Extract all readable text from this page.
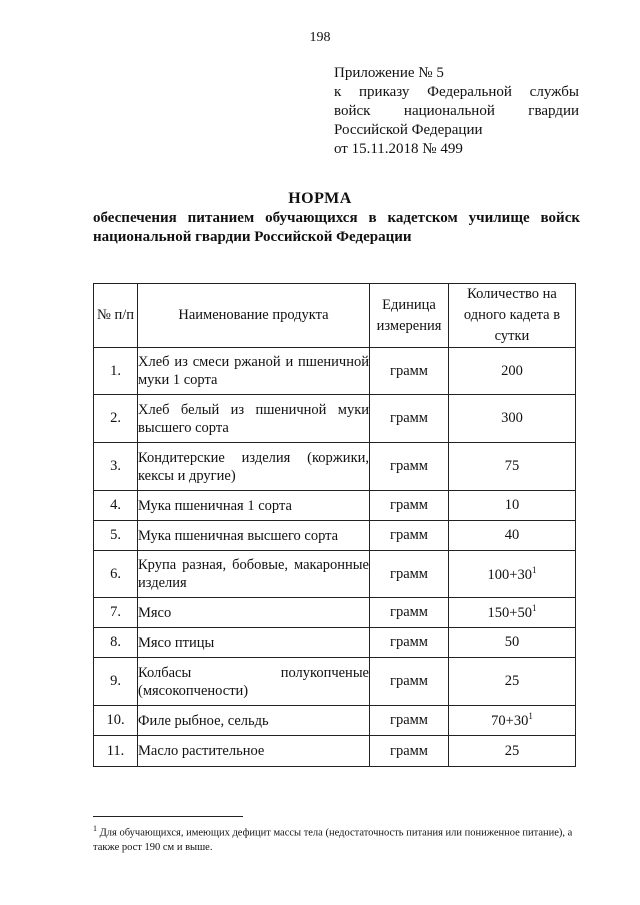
198
Приложение № 5
к приказу Федеральной службы
войск национальной гвардии
Российской Федерации
от 15.11.2018 № 499
НОРМА
обеспечения питанием обучающихся в кадетском училище войск
национальной гвардии Российской Федерации
№ п/п	Наименование продукта	Единица измерения	Количество на одного кадета в сутки
1.	Хлеб из смеси ржаной и пшеничной муки 1 сорта	грамм	200
2.	Хлеб белый из пшеничной муки высшего сорта	грамм	300
3.	Кондитерские изделия (коржики, кексы и другие)	грамм	75
4.	Мука пшеничная 1 сорта	грамм	10
5.	Мука пшеничная высшего сорта	грамм	40
6.	Крупа разная, бобовые, макаронные изделия	грамм	$100+30^1$
7.	Мясо	грамм	$150+50^1$
8.	Мясо птицы	грамм	50
9.	Колбасы полукопченые (мясокопчености)	грамм	25
10.	Филе рыбное, сельдь	грамм	$70+30^1$
11.	Масло растительное	грамм	25
$^1$ Для обучающихся, имеющих дефицит массы тела (недостаточность питания или пониженное питание), а также рост 190 см и выше.
